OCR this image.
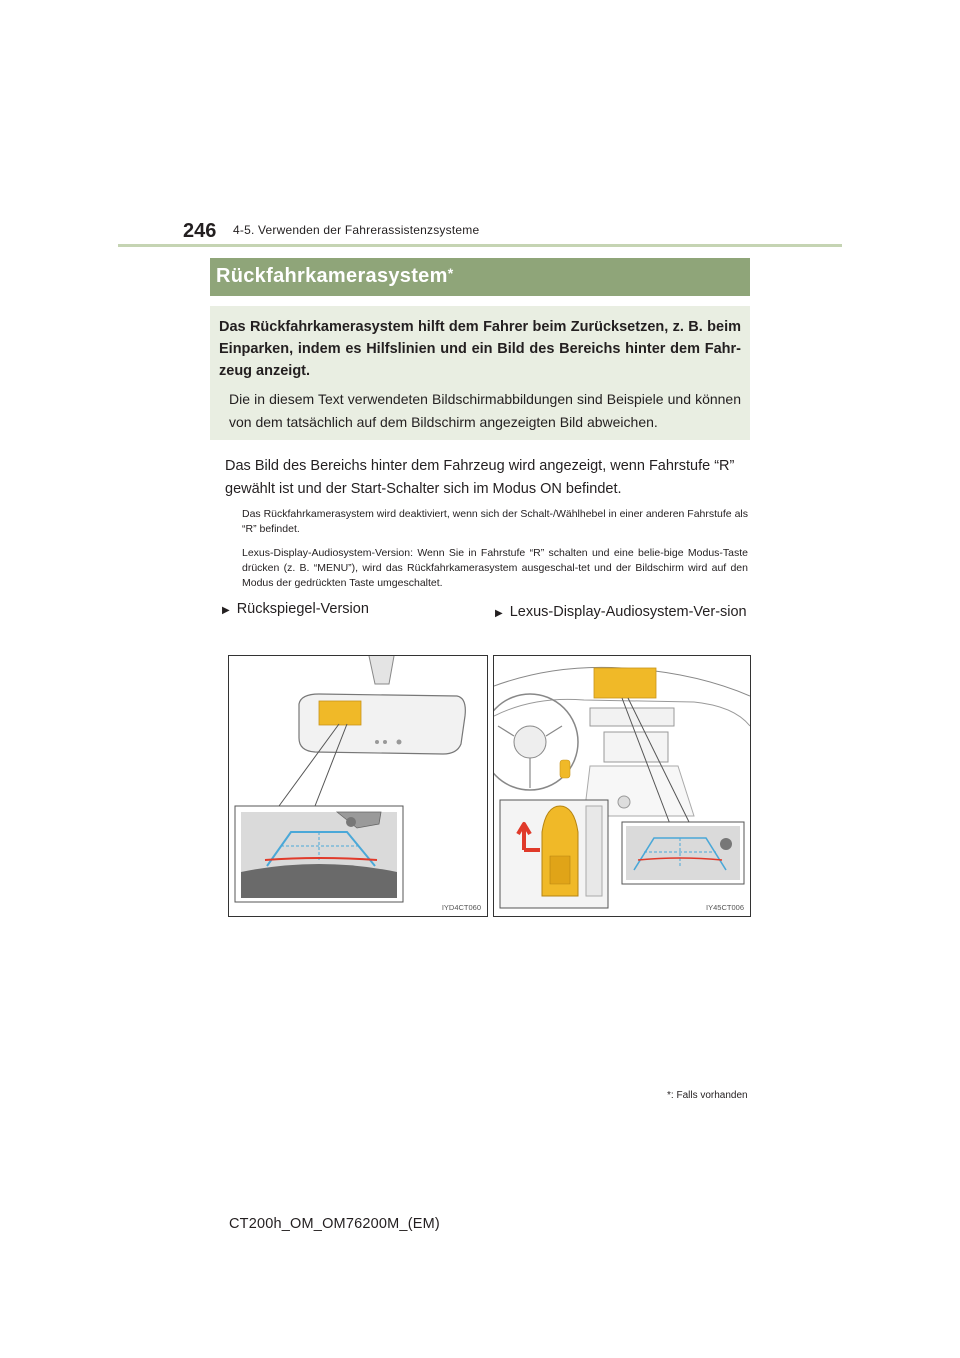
246 4-5. Verwenden der Fahrerassistenzsysteme
Rückfahrkamerasystem*
Das Rückfahrkamerasystem hilft dem Fahrer beim Zurücksetzen, z. B. beim Einparken, indem es Hilfslinien und ein Bild des Bereichs hinter dem Fahr-zeug anzeigt.
Die in diesem Text verwendeten Bildschirmabbildungen sind Beispiele und können von dem tatsächlich auf dem Bildschirm angezeigten Bild abweichen.
Das Bild des Bereichs hinter dem Fahrzeug wird angezeigt, wenn Fahrstufe “R” gewählt ist und der Start-Schalter sich im Modus ON befindet.
Das Rückfahrkamerasystem wird deaktiviert, wenn sich der Schalt-/Wählhebel in einer anderen Fahrstufe als “R” befindet.
Lexus-Display-Audiosystem-Version: Wenn Sie in Fahrstufe “R” schalten und eine belie-bige Modus-Taste drücken (z. B. “MENU”), wird das Rückfahrkamerasystem ausgeschal-tet und der Bildschirm wird auf den Modus der gedrückten Taste umgeschaltet.
▶ Rückspiegel-Version	▶ Lexus-Display-Audiosystem-Ver-sion
IYD4CT060	IY45CT006
*: Falls vorhanden
CT200h_OM_OM76200M_(EM)
